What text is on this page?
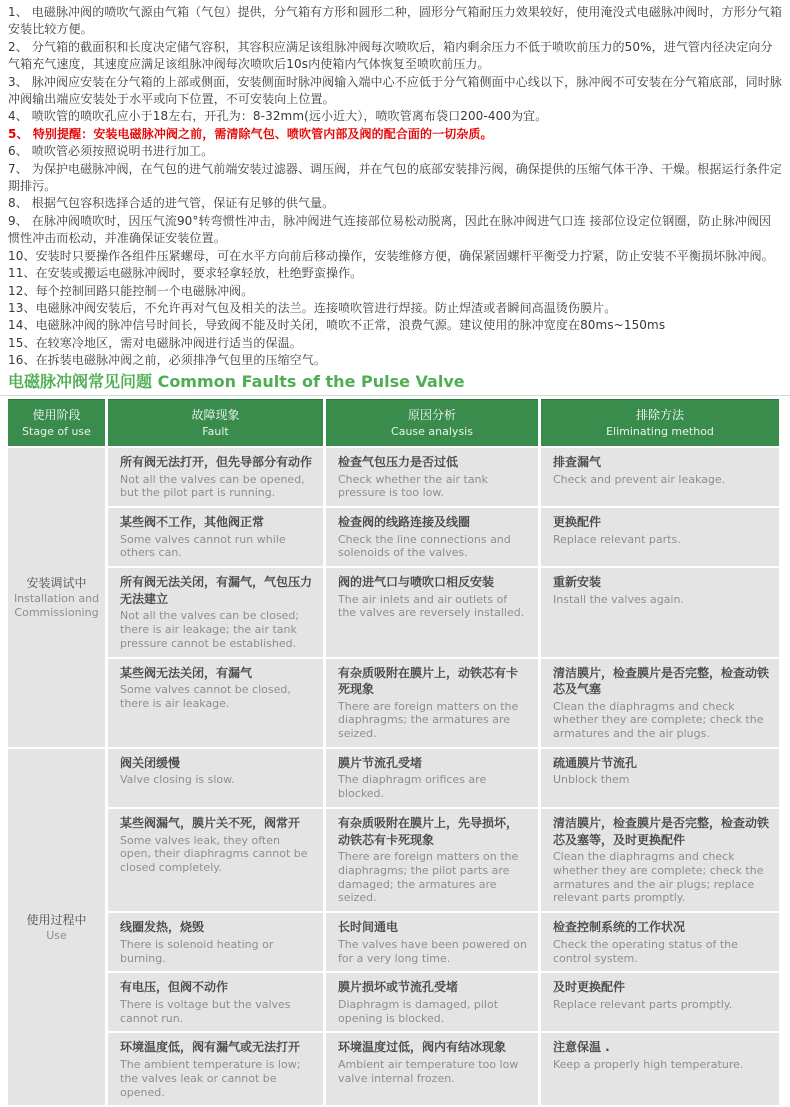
1、 电磁脉冲阀的喷吹气源由气箱（气包）提供，分气箱有方形和圆形二种，圆形分气箱耐压力效果较好，使用淹没式电磁脉冲阀时，方形分气箱安装比较方便。

2、 分气箱的截面积和长度决定储气容积，其容积应满足该组脉冲阀每次喷吹后，箱内剩余压力不低于喷吹前压力的50%，进气管内径决定向分气箱充气速度，其速度应满足该组脉冲阀每次喷吹后10s内使箱内气体恢复至喷吹前压力。

3、 脉冲阀应安装在分气箱的上部或侧面，安装侧面时脉冲阀输入端中心不应低于分气箱侧面中心线以下，脉冲阀不可安装在分气箱底部，同时脉冲阀输出端应安装处于水平或向下位置，不可安装向上位置。

4、 喷吹管的喷吹孔应小于18左右，开孔为：8-32mm(远小近大），喷吹管离布袋口200-400为宜。

5、 特别提醒：安装电磁脉冲阀之前，需清除气包、喷吹管内部及阀的配合面的一切杂质。

6、 喷吹管必须按照说明书进行加工。

7、 为保护电磁脉冲阀，在气包的进气前端安装过滤器、调压阀，并在气包的底部安装排污阀，确保提供的压缩气体干净、干燥。根据运行条件定期排污。

8、 根据气包容积选择合适的进气管，保证有足够的供气量。

9、 在脉冲阀喷吹时，因压气流90°转弯惯性冲击，脉冲阀进气连接部位易松动脱离，因此在脉冲阀进气口连 接部位设定位钢圈，防止脉冲阀因惯性冲击而松动，并准确保证安装位置。

10、安装时只要操作各组件压紧螺母，可在水平方向前后移动操作，安装维修方便，确保紧固螺杆平衡受力拧紧，防止安装不平衡损坏脉冲阀。

11、在安装或搬运电磁脉冲阀时，要求轻拿轻放，杜绝野蛮操作。

12、每个控制回路只能控制一个电磁脉冲阀。

13、电磁脉冲阀安装后，不允许再对气包及相关的法兰。连接喷吹管进行焊接。防止焊渣或者瞬间高温烫伤膜片。

14、电磁脉冲阀的脉冲信号时间长，导致阀不能及时关闭，喷吹不正常，浪费气源。建议使用的脉冲宽度在80ms~150ms

15、在较寒冷地区，需对电磁脉冲阀进行适当的保温。

16、在拆装电磁脉冲阀之前，必须排净气包里的压缩空气。

电磁脉冲阀常见问题 Common Faults of the Pulse Valve
使用阶段
Stage of use	故障现象
Fault	原因分析
Cause analysis	排除方法
Eliminating method

安装调试中
Installation and Commissioning	所有阀无法打开，但先导部分有动作
Not all the valves can be opened, but the pilot part is running.	检查气包压力是否过低
Check whether the air tank pressure is too low.	排查漏气
Check and prevent air leakage.

	某些阀不工作，其他阀正常
Some valves cannot run while others can.	检查阀的线路连接及线圈
Check the line connections and solenoids of the valves.	更换配件
Replace relevant parts.

	所有阀无法关闭，有漏气，气包压力无法建立
Not all the valves can be closed; there is air leakage; the air tank pressure cannot be established.	阀的进气口与喷吹口相反安装
The air inlets and air outlets of the valves are reversely installed.	重新安装
Install the valves again.

	某些阀无法关闭，有漏气
Some valves cannot be closed, there is air leakage.	有杂质吸附在膜片上，动铁芯有卡死现象
There are foreign matters on the diaphragms; the armatures are seized.	清洁膜片，检查膜片是否完整，检查动铁芯及气塞
Clean the diaphragms and check whether they are complete; check the armatures and the air plugs.

使用过程中
Use	阀关闭缓慢
Valve closing is slow.	膜片节流孔受堵
The diaphragm orifices are blocked.	疏通膜片节流孔
Unblock them

	某些阀漏气，膜片关不死，阀常开
Some valves leak, they often open, their diaphragms cannot be closed completely.	有杂质吸附在膜片上，先导损坏，动铁芯有卡死现象
There are foreign matters on the diaphragms; the pilot parts are damaged; the armatures are seized.	清洁膜片，检查膜片是否完整，检查动铁芯及塞等，及时更换配件
Clean the diaphragms and check whether they are complete; check the armatures and the air plugs; replace relevant parts promptly.

	线圈发热，烧毁
There is solenoid heating or burning.	长时间通电
The valves have been powered on for a very long time.	检查控制系统的工作状况
Check the operating status of the control system.

	有电压，但阀不动作
There is voltage but the valves cannot run.	膜片损坏或节流孔受堵
Diaphragm is damaged, pilot opening is blocked.	及时更换配件
Replace relevant parts promptly.

	环境温度低，阀有漏气或无法打开
The ambient temperature is low; the valves leak or cannot be opened.	环境温度过低，阀内有结冰现象
Ambient air temperature too low valve internal frozen.	注意保温 .
Keep a properly high temperature.
